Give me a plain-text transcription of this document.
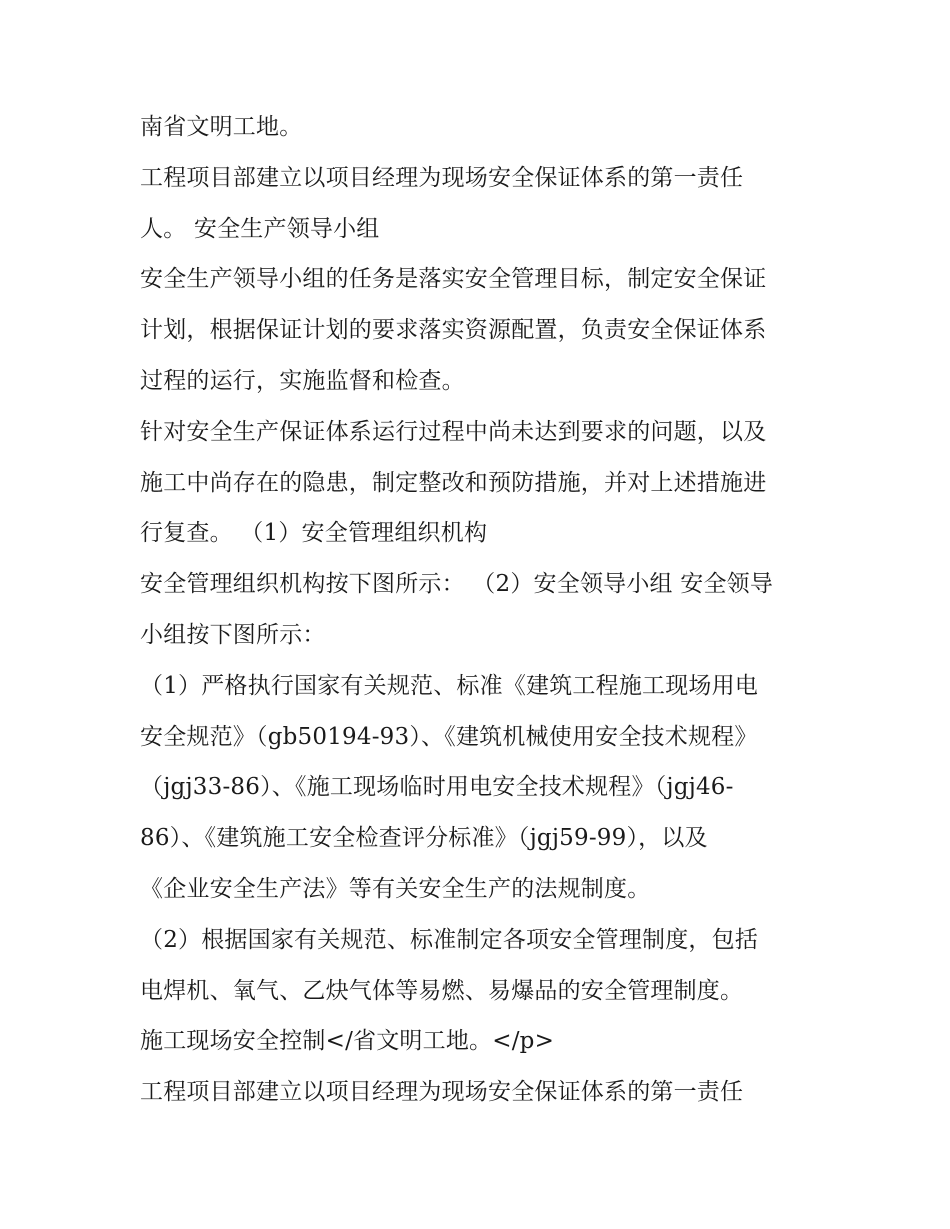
南省文明工地。
工程项目部建立以项目经理为现场安全保证体系的第一责任
人。 安全生产领导小组
安全生产领导小组的任务是落实安全管理目标，制定安全保证
计划，根据保证计划的要求落实资源配置，负责安全保证体系
过程的运行，实施监督和检查。
针对安全生产保证体系运行过程中尚未达到要求的问题，以及
施工中尚存在的隐患，制定整改和预防措施，并对上述措施进
行复查。 （1）安全管理组织机构
安全管理组织机构按下图所示： （2）安全领导小组 安全领导
小组按下图所示：
（1）严格执行国家有关规范、标准《建筑工程施工现场用电
安全规范》（gb50194-93）、《建筑机械使用安全技术规程》
（jgj33-86）、《施工现场临时用电安全技术规程》（jgj46-
86）、《建筑施工安全检查评分标准》（jgj59-99），以及
《企业安全生产法》等有关安全生产的法规制度。
（2）根据国家有关规范、标准制定各项安全管理制度，包括
电焊机、氧气、乙炔气体等易燃、易爆品的安全管理制度。
施工现场安全控制</省文明工地。</p>
工程项目部建立以项目经理为现场安全保证体系的第一责任
